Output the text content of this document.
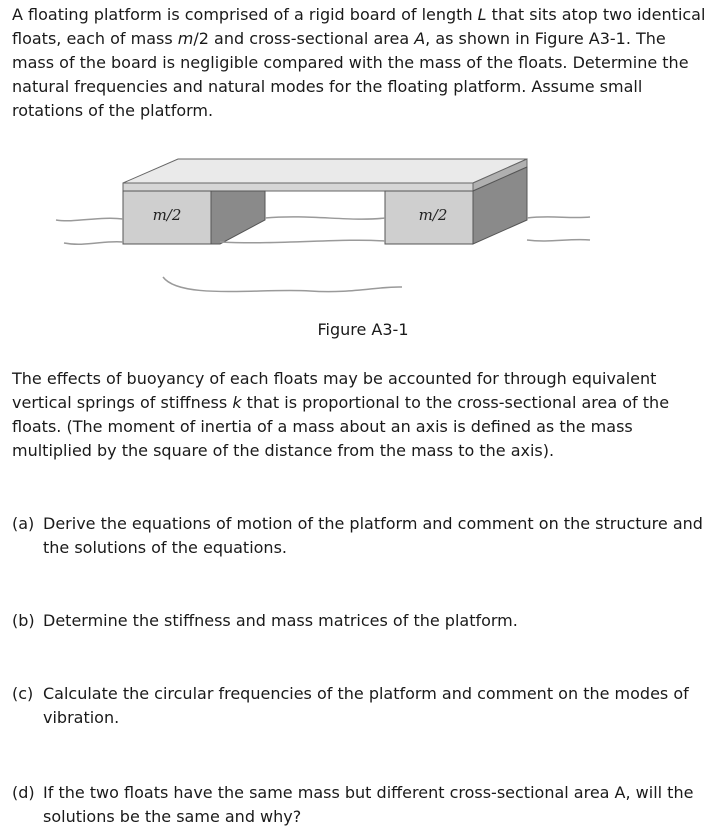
A floating platform is comprised of a rigid board of length L that sits atop two identical floats, each of mass m/2 and cross-sectional area A, as shown in Figure A3-1. The mass of the board is negligible compared with the mass of the floats. Determine the natural frequencies and natural modes for the floating platform. Assume small rotations of the platform.

m/2	m/2
Figure A3-1

The effects of buoyancy of each floats may be accounted for through equivalent vertical springs of stiffness k that is proportional to the cross-sectional area of the floats. (The moment of inertia of a mass about an axis is defined as the mass multiplied by the square of the distance from the mass to the axis).

(a) Derive the equations of motion of the platform and comment on the structure and the solutions of the equations.
(b) Determine the stiffness and mass matrices of the platform.
(c) Calculate the circular frequencies of the platform and comment on the modes of vibration.
(d) If the two floats have the same mass but different cross-sectional area A, will the solutions be the same and why?
